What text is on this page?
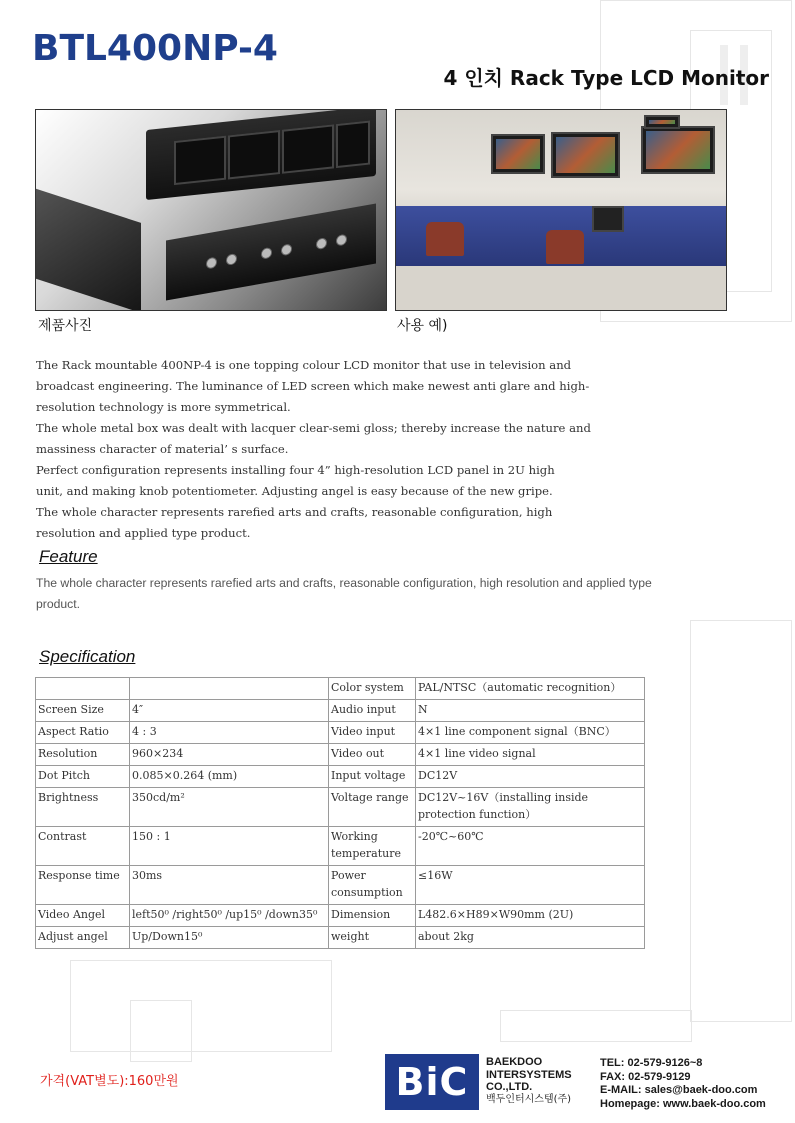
BTL400NP-4
4 인치 Rack Type LCD Monitor
제품사진	사용 예)

The Rack mountable 400NP-4 is one topping colour LCD monitor that use in television and

broadcast engineering. The luminance of LED screen which make newest anti glare and high-

resolution technology is more symmetrical.

The whole metal box was dealt with lacquer clear-semi gloss; thereby increase the nature and

massiness character of material’ s surface.

Perfect configuration represents installing four 4” high-resolution LCD panel in 2U high

unit, and making knob potentiometer. Adjusting angel is easy because of the new gripe.

The whole character represents rarefied arts and crafts, reasonable configuration, high

resolution and applied type product.

Feature
The whole character represents rarefied arts and crafts, reasonable configuration, high resolution and applied type product.
Specification
		Color system	PAL/NTSC（automatic recognition）
Screen Size	4″	Audio input	N
Aspect Ratio	4 : 3	Video input	4×1 line component signal（BNC）
Resolution	960×234	Video out	4×1 line video signal
Dot Pitch	0.085×0.264 (mm)	Input voltage	DC12V
Brightness	350cd/m²	Voltage range	DC12V~16V（installing inside protection function）
Contrast	150 : 1	Working temperature	-20℃~60℃
Response time	30ms	Power consumption	≤16W
Video Angel	left50⁰ /right50⁰ /up15⁰ /down35⁰	Dimension	L482.6×H89×W90mm (2U)
Adjust angel	Up/Down15⁰	weight	about 2kg
가격(VAT별도):160만원	BiC	BAEKDOO
INTERSYSTEMS
CO.,LTD.
백두인터시스템(주)
TEL: 02-579-9126~8
FAX: 02-579-9129
E-MAIL: sales@baek-doo.com
Homepage: www.baek-doo.com
